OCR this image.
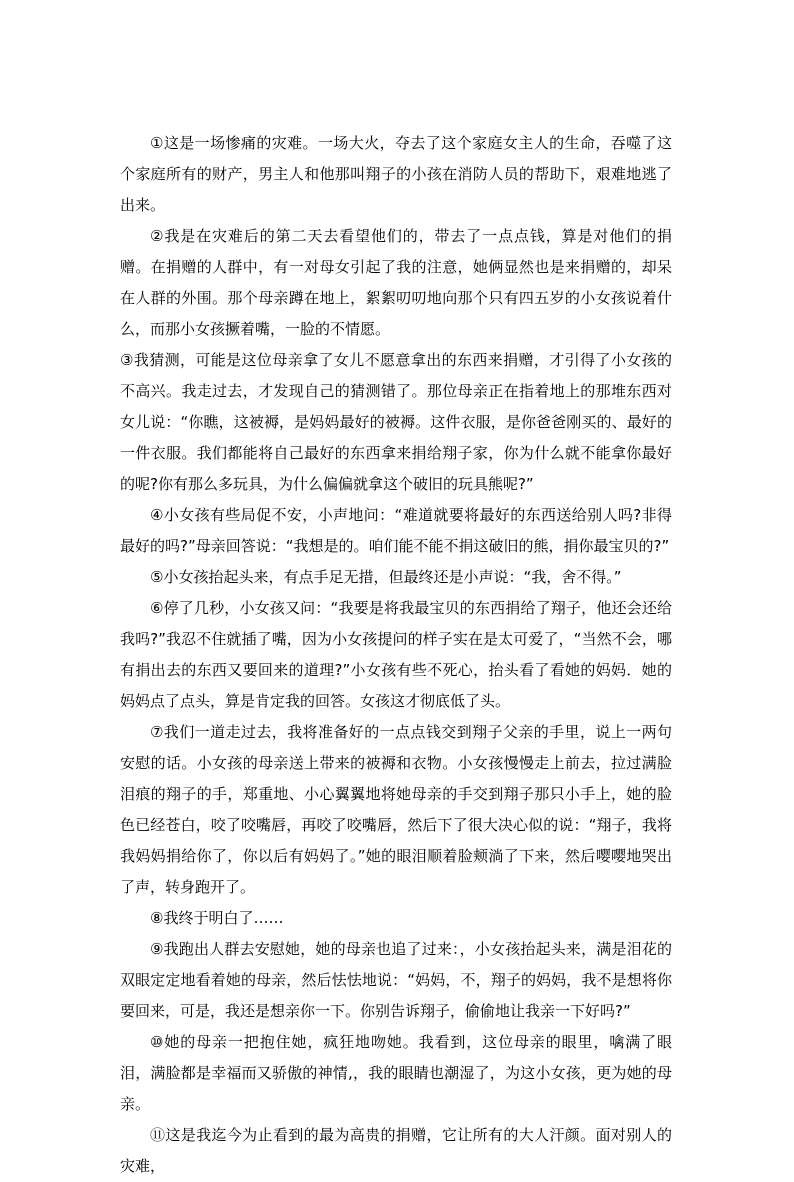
①这是一场惨痛的灾难。一场大火，夺去了这个家庭女主人的生命，吞噬了这个家庭所有的财产，男主人和他那叫翔子的小孩在消防人员的帮助下，艰难地逃了出来。

②我是在灾难后的第二天去看望他们的，带去了一点点钱，算是对他们的捐赠。在捐赠的人群中，有一对母女引起了我的注意，她俩显然也是来捐赠的，却呆在人群的外围。那个母亲蹲在地上，絮絮叨叨地向那个只有四五岁的小女孩说着什么，而那小女孩撅着嘴，一脸的不情愿。

③我猜测，可能是这位母亲拿了女儿不愿意拿出的东西来捐赠，才引得了小女孩的不高兴。我走过去，才发现自己的猜测错了。那位母亲正在指着地上的那堆东西对女儿说：“你瞧，这被褥，是妈妈最好的被褥。这件衣服，是你爸爸刚买的、最好的一件衣服。我们都能将自己最好的东西拿来捐给翔子家，你为什么就不能拿你最好的呢?你有那么多玩具，为什么偏偏就拿这个破旧的玩具熊呢?”

④小女孩有些局促不安，小声地问：“难道就要将最好的东西送给别人吗?非得最好的吗?”母亲回答说：“我想是的。咱们能不能不捐这破旧的熊，捐你最宝贝的?”

⑤小女孩抬起头来，有点手足无措，但最终还是小声说：“我，舍不得。”

⑥停了几秒，小女孩又问：“我要是将我最宝贝的东西捐给了翔子，他还会还给我吗?”我忍不住就插了嘴，因为小女孩提问的样子实在是太可爱了，“当然不会，哪有捐出去的东西又要回来的道理?”小女孩有些不死心，抬头看了看她的妈妈．她的妈妈点了点头，算是肯定我的回答。女孩这才彻底低了头。

⑦我们一道走过去，我将准备好的一点点钱交到翔子父亲的手里，说上一两句安慰的话。小女孩的母亲送上带来的被褥和衣物。小女孩慢慢走上前去，拉过满脸泪痕的翔子的手，郑重地、小心翼翼地将她母亲的手交到翔子那只小手上，她的脸色已经苍白，咬了咬嘴唇，再咬了咬嘴唇，然后下了很大决心似的说：“翔子，我将我妈妈捐给你了，你以后有妈妈了。”她的眼泪顺着脸颊淌了下来，然后嘤嘤地哭出了声，转身跑开了。

⑧我终于明白了……

⑨我跑出人群去安慰她，她的母亲也追了过来：，小女孩抬起头来，满是泪花的双眼定定地看着她的母亲，然后怯怯地说：“妈妈，不，翔子的妈妈，我不是想将你要回来，可是，我还是想亲你一下。你别告诉翔子，偷偷地让我亲一下好吗?”

⑩她的母亲一把抱住她，疯狂地吻她。我看到，这位母亲的眼里，噙满了眼泪，满脸都是幸福而又骄傲的神情,，我的眼睛也潮湿了，为这小女孩，更为她的母亲。

⑪这是我迄今为止看到的最为高贵的捐赠，它让所有的大人汗颜。面对别人的灾难，
